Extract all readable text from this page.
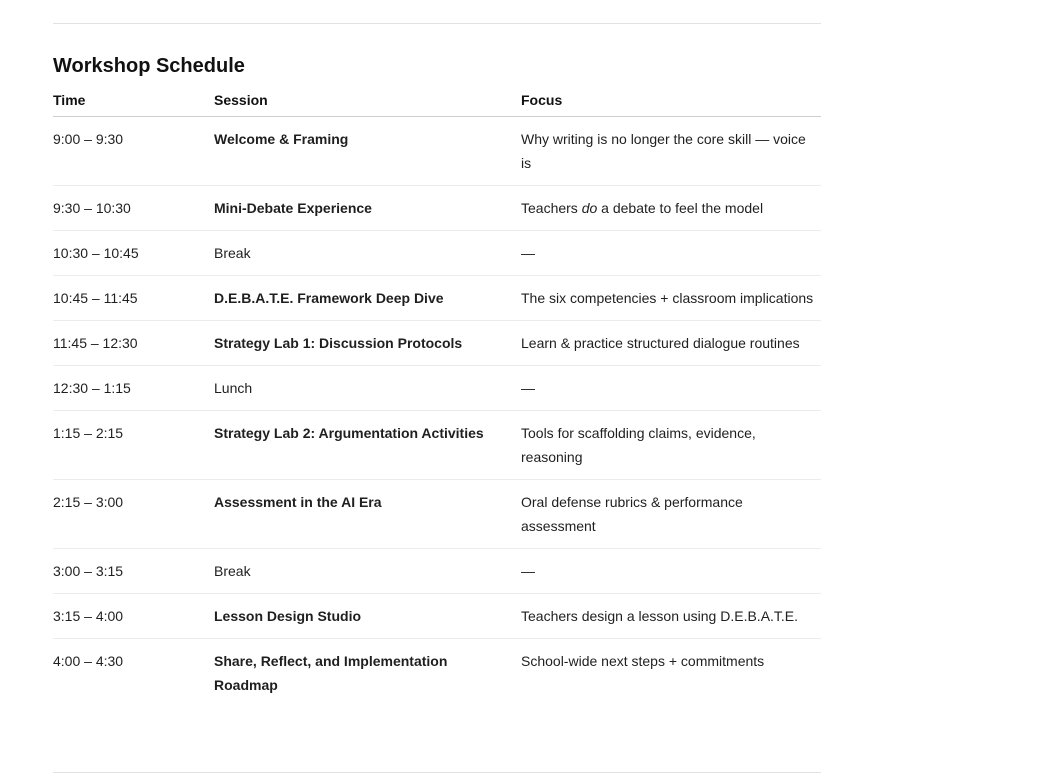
Workshop Schedule
Time	Session	Focus
9:00 – 9:30	Welcome & Framing	Why writing is no longer the core skill — voice is
9:30 – 10:30	Mini-Debate Experience	Teachers do a debate to feel the model
10:30 – 10:45	Break	—
10:45 – 11:45	D.E.B.A.T.E. Framework Deep Dive	The six competencies + classroom implications
11:45 – 12:30	Strategy Lab 1: Discussion Protocols	Learn & practice structured dialogue routines
12:30 – 1:15	Lunch	—
1:15 – 2:15	Strategy Lab 2: Argumentation Activities	Tools for scaffolding claims, evidence, reasoning
2:15 – 3:00	Assessment in the AI Era	Oral defense rubrics & performance assessment
3:00 – 3:15	Break	—
3:15 – 4:00	Lesson Design Studio	Teachers design a lesson using D.E.B.A.T.E.
4:00 – 4:30	Share, Reflect, and Implementation Roadmap	School-wide next steps + commitments
